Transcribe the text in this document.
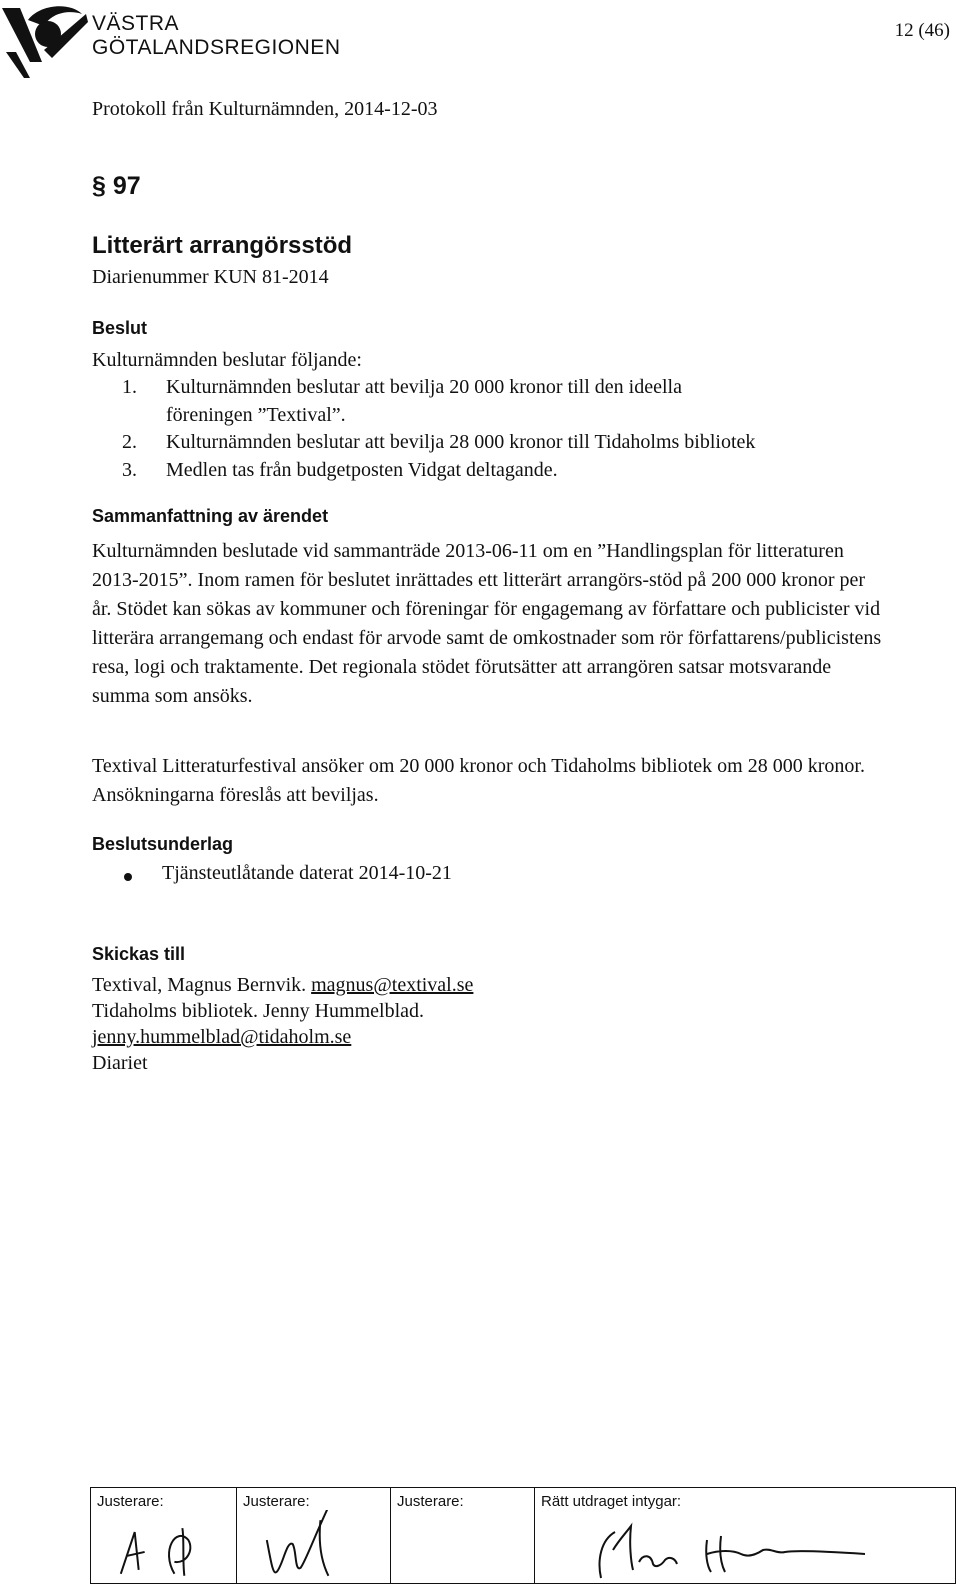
VÄSTRA
GÖTALANDSREGIONEN
12 (46)
Protokoll från Kulturnämnden, 2014-12-03
§ 97
Litterärt arrangörsstöd
Diarienummer KUN 81-2014
Beslut
Kulturnämnden beslutar följande:
1. Kulturnämnden beslutar att bevilja 20 000 kronor till den ideella
föreningen ”Textival”.
2. Kulturnämnden beslutar att bevilja 28 000 kronor till Tidaholms bibliotek
3. Medlen tas från budgetposten Vidgat deltagande.
Sammanfattning av ärendet
Kulturnämnden beslutade vid sammanträde 2013-06-11 om en ”Handlingsplan för litteraturen 2013-2015”. Inom ramen för beslutet inrättades ett litterärt arrangörs-stöd på 200 000 kronor per år. Stödet kan sökas av kommuner och föreningar för engagemang av författare och publicister vid litterära arrangemang och endast för arvode samt de omkostnader som rör författarens/publicistens resa, logi och traktamente. Det regionala stödet förutsätter att arrangören satsar motsvarande summa som ansöks.
Textival Litteraturfestival ansöker om 20 000 kronor och Tidaholms bibliotek om 28 000 kronor. Ansökningarna föreslås att beviljas.
Beslutsunderlag
Tjänsteutlåtande daterat 2014-10-21
Skickas till
Textival, Magnus Bernvik. magnus@textival.se
Tidaholms bibliotek. Jenny Hummelblad.
jenny.hummelblad@tidaholm.se
Diariet
Justerare:	Justerare:	Justerare:	Rätt utdraget intygar:
